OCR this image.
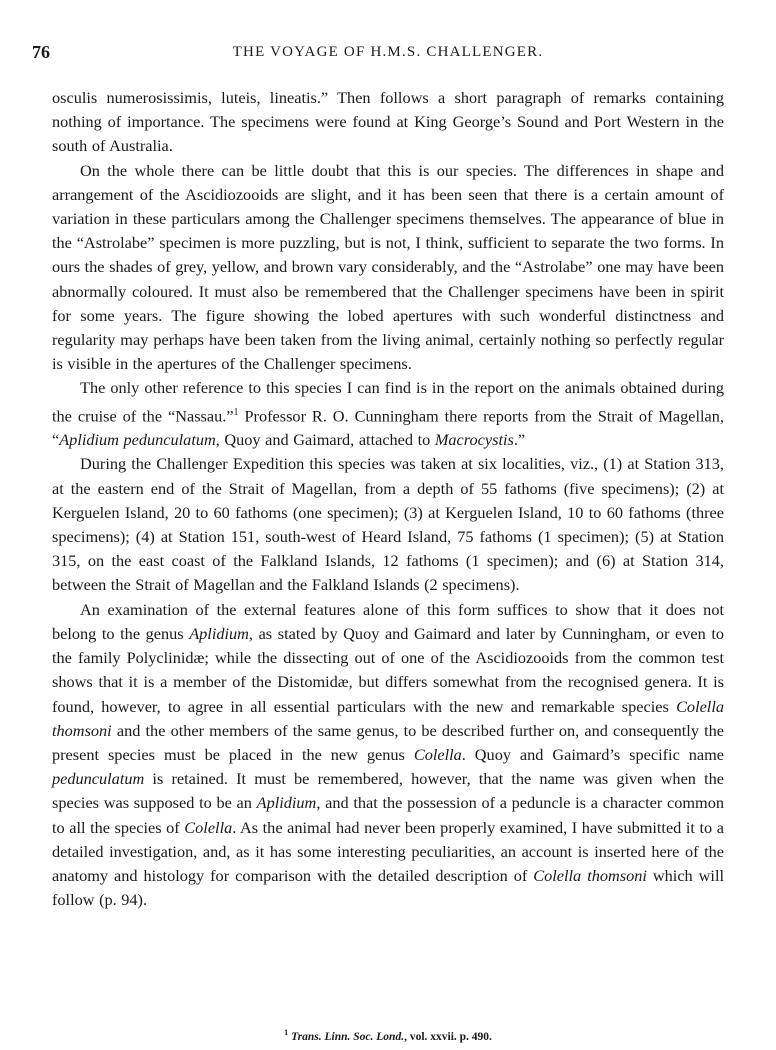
76	THE VOYAGE OF H.M.S. CHALLENGER.

osculis numerosissimis, luteis, lineatis.” Then follows a short paragraph of remarks containing nothing of importance. The specimens were found at King George’s Sound and Port Western in the south of Australia.

On the whole there can be little doubt that this is our species. The differences in shape and arrangement of the Ascidiozooids are slight, and it has been seen that there is a certain amount of variation in these particulars among the Challenger specimens themselves. The appearance of blue in the “Astrolabe” specimen is more puzzling, but is not, I think, sufficient to separate the two forms. In ours the shades of grey, yellow, and brown vary considerably, and the “Astrolabe” one may have been abnormally coloured. It must also be remembered that the Challenger specimens have been in spirit for some years. The figure showing the lobed apertures with such wonderful distinctness and regularity may perhaps have been taken from the living animal, certainly nothing so perfectly regular is visible in the apertures of the Challenger specimens.

The only other reference to this species I can find is in the report on the animals obtained during the cruise of the “Nassau.”$^1$ Professor R. O. Cunningham there reports from the Strait of Magellan, “Aplidium pedunculatum, Quoy and Gaimard, attached to Macrocystis.”

During the Challenger Expedition this species was taken at six localities, viz., (1) at Station 313, at the eastern end of the Strait of Magellan, from a depth of 55 fathoms (five specimens); (2) at Kerguelen Island, 20 to 60 fathoms (one specimen); (3) at Kerguelen Island, 10 to 60 fathoms (three specimens); (4) at Station 151, south-west of Heard Island, 75 fathoms (1 specimen); (5) at Station 315, on the east coast of the Falkland Islands, 12 fathoms (1 specimen); and (6) at Station 314, between the Strait of Magellan and the Falkland Islands (2 specimens).

An examination of the external features alone of this form suffices to show that it does not belong to the genus Aplidium, as stated by Quoy and Gaimard and later by Cunningham, or even to the family Polyclinidæ; while the dissecting out of one of the Ascidiozooids from the common test shows that it is a member of the Distomidæ, but differs somewhat from the recognised genera. It is found, however, to agree in all essential particulars with the new and remarkable species Colella thomsoni and the other members of the same genus, to be described further on, and consequently the present species must be placed in the new genus Colella. Quoy and Gaimard’s specific name pedunculatum is retained. It must be remembered, however, that the name was given when the species was supposed to be an Aplidium, and that the possession of a peduncle is a character common to all the species of Colella. As the animal had never been properly examined, I have submitted it to a detailed investigation, and, as it has some interesting peculiarities, an account is inserted here of the anatomy and histology for comparison with the detailed description of Colella thomsoni which will follow (p. 94).

$^1$ Trans. Linn. Soc. Lond., vol. xxvii. p. 490.
